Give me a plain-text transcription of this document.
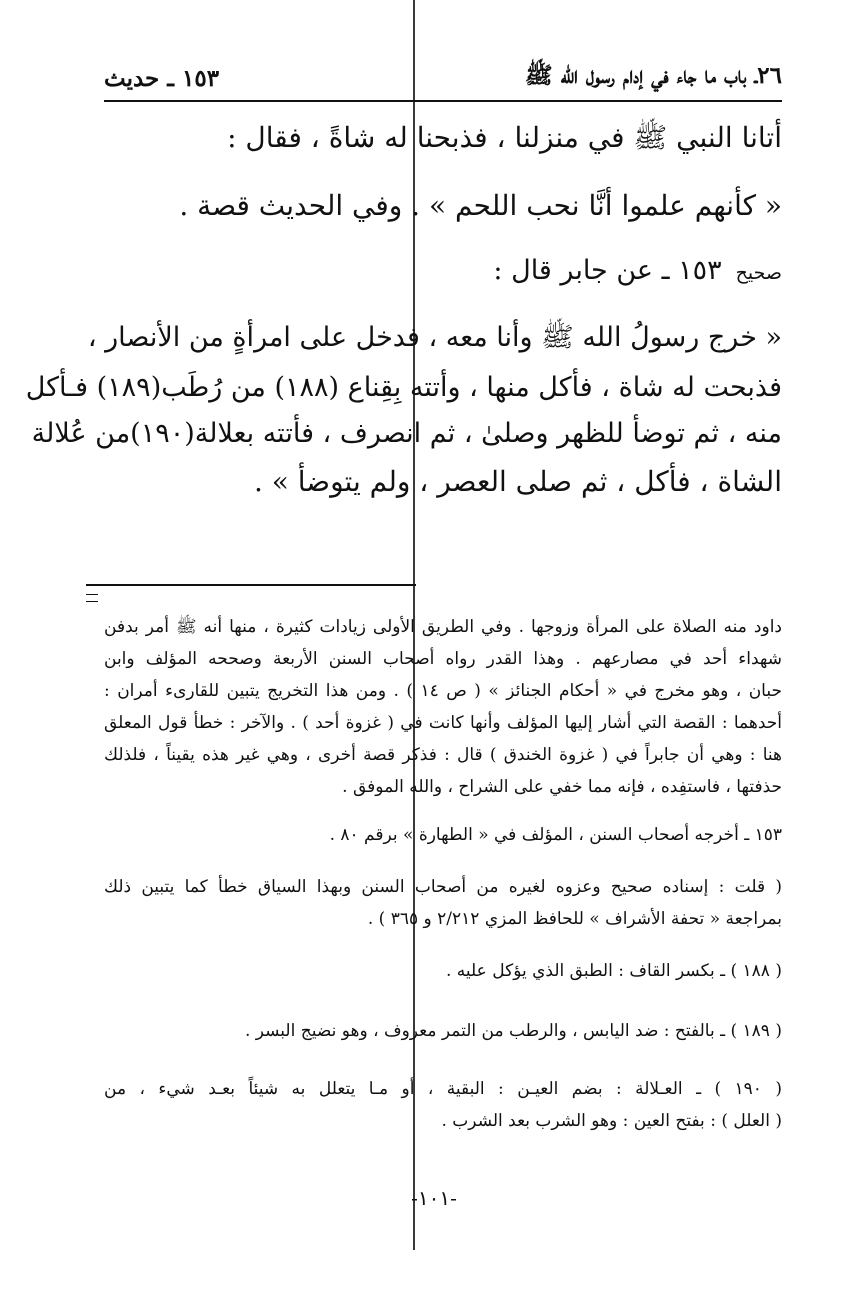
٢٦ـ باب ما جاء في إدام رسول الله ﷺ
١٥٣ ـ حديث
أتانا النبي ﷺ في منزلنا ، فذبحنا له شاةً ، فقال :
« كأنهم علموا أنَّا نحب اللحم » . وفي الحديث قصة .
صحيح١٥٣ ـ عن جابر قال :
« خرج رسولُ الله ﷺ وأنا معه ، فدخل على امرأةٍ من الأنصار ،
فذبحت له شاة ، فأكل منها ، وأتته بِقِناع (١٨٨) من رُطَب(١٨٩) فـأكل
منه ، ثم توضأ للظهر وصلىٰ ، ثم انصرف ، فأتته بعلالة(١٩٠)من عُلالة
الشاة ، فأكل ، ثم صلى العصر ، ولم يتوضأ » .
داود منه الصلاة على المرأة وزوجها . وفي الطريق الأولى زيادات كثيرة ، منها أنه ﷺ أمر بدفن
شهداء أحد في مصارعهم . وهذا القدر رواه أصحاب السنن الأربعة وصححه المؤلف وابن
حبان ، وهو مخرج في « أحكام الجنائز » ( ص ١٤ ) . ومن هذا التخريج يتبين للقارىء أمران :
أحدهما : القصة التي أشار إليها المؤلف وأنها كانت في ( غزوة أحد ) . والآخر : خطأ قول المعلق
هنا : وهي أن جابراً في ( غزوة الخندق ) قال : فذكر قصة أخرى ، وهي غير هذه يقيناً ، فلذلك
حذفتها ، فاستفِده ، فإنه مما خفي على الشراح ، والله الموفق .
١٥٣ ـ أخرجه أصحاب السنن ، المؤلف في « الطهارة » برقم ٨٠ .
( قلت : إسناده صحيح وعزوه لغيره من أصحاب السنن وبهذا السياق خطأ كما يتبين ذلك
بمراجعة « تحفة الأشراف » للحافظ المزي ٢/٢١٢ و ٣٦٥ ) .
( ١٨٨ ) ـ بكسر القاف : الطبق الذي يؤكل عليه .
( ١٨٩ ) ـ بالفتح : ضد اليابس ، والرطب من التمر معروف ، وهو نضيج البسر .
( ١٩٠ ) ـ العـلالة : بضم العيـن : البقية ، أو مـا يتعلل به شيئاً بعـد شيء ، من
( العلل ) : بفتح العين : وهو الشرب بعد الشرب .
-١٠١-
